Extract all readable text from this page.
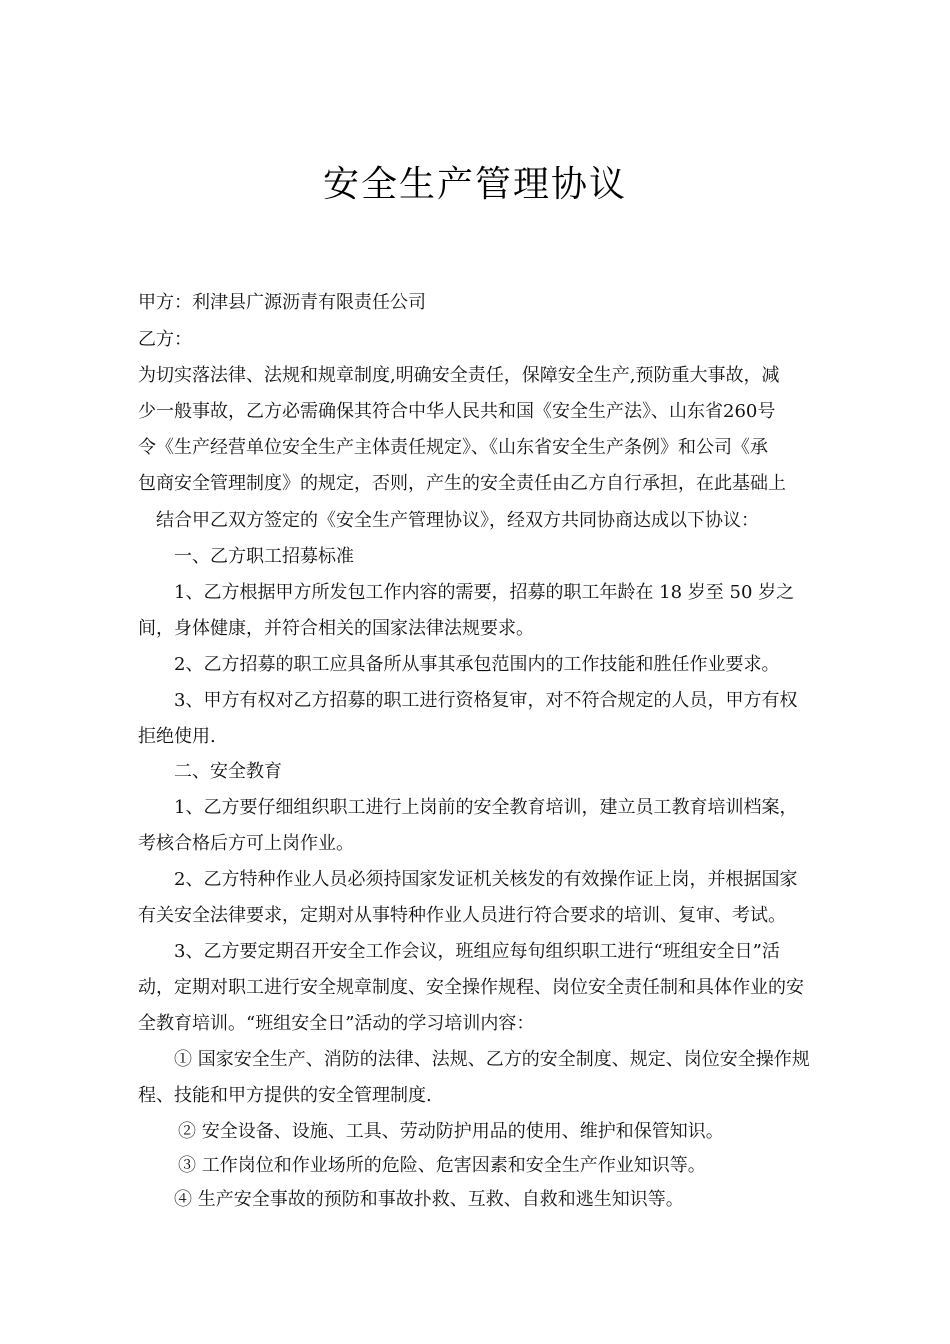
安全生产管理协议
甲方：利津县广源沥青有限责任公司
乙方：
为切实落法律、法规和规章制度,明确安全责任，保障安全生产,预防重大事故，减
少一般事故，乙方必需确保其符合中华人民共和国《安全生产法》、山东省260号
令《生产经营单位安全生产主体责任规定》、《山东省安全生产条例》和公司《承
包商安全管理制度》的规定，否则，产生的安全责任由乙方自行承担，在此基础上
结合甲乙双方签定的《安全生产管理协议》，经双方共同协商达成以下协议：
一、乙方职工招募标准
1、乙方根据甲方所发包工作内容的需要，招募的职工年龄在 18 岁至 50 岁之
间，身体健康，并符合相关的国家法律法规要求。
2、乙方招募的职工应具备所从事其承包范围内的工作技能和胜任作业要求。
3、甲方有权对乙方招募的职工进行资格复审，对不符合规定的人员，甲方有权
拒绝使用.
二、安全教育
1、乙方要仔细组织职工进行上岗前的安全教育培训，建立员工教育培训档案，
考核合格后方可上岗作业。
2、乙方特种作业人员必须持国家发证机关核发的有效操作证上岗，并根据国家
有关安全法律要求，定期对从事特种作业人员进行符合要求的培训、复审、考试。
3、乙方要定期召开安全工作会议，班组应每旬组织职工进行“班组安全日”活
动，定期对职工进行安全规章制度、安全操作规程、岗位安全责任制和具体作业的安
全教育培训。“班组安全日”活动的学习培训内容：
① 国家安全生产、消防的法律、法规、乙方的安全制度、规定、岗位安全操作规
程、技能和甲方提供的安全管理制度.
② 安全设备、设施、工具、劳动防护用品的使用、维护和保管知识。
③ 工作岗位和作业场所的危险、危害因素和安全生产作业知识等。
④ 生产安全事故的预防和事故扑救、互救、自救和逃生知识等。
